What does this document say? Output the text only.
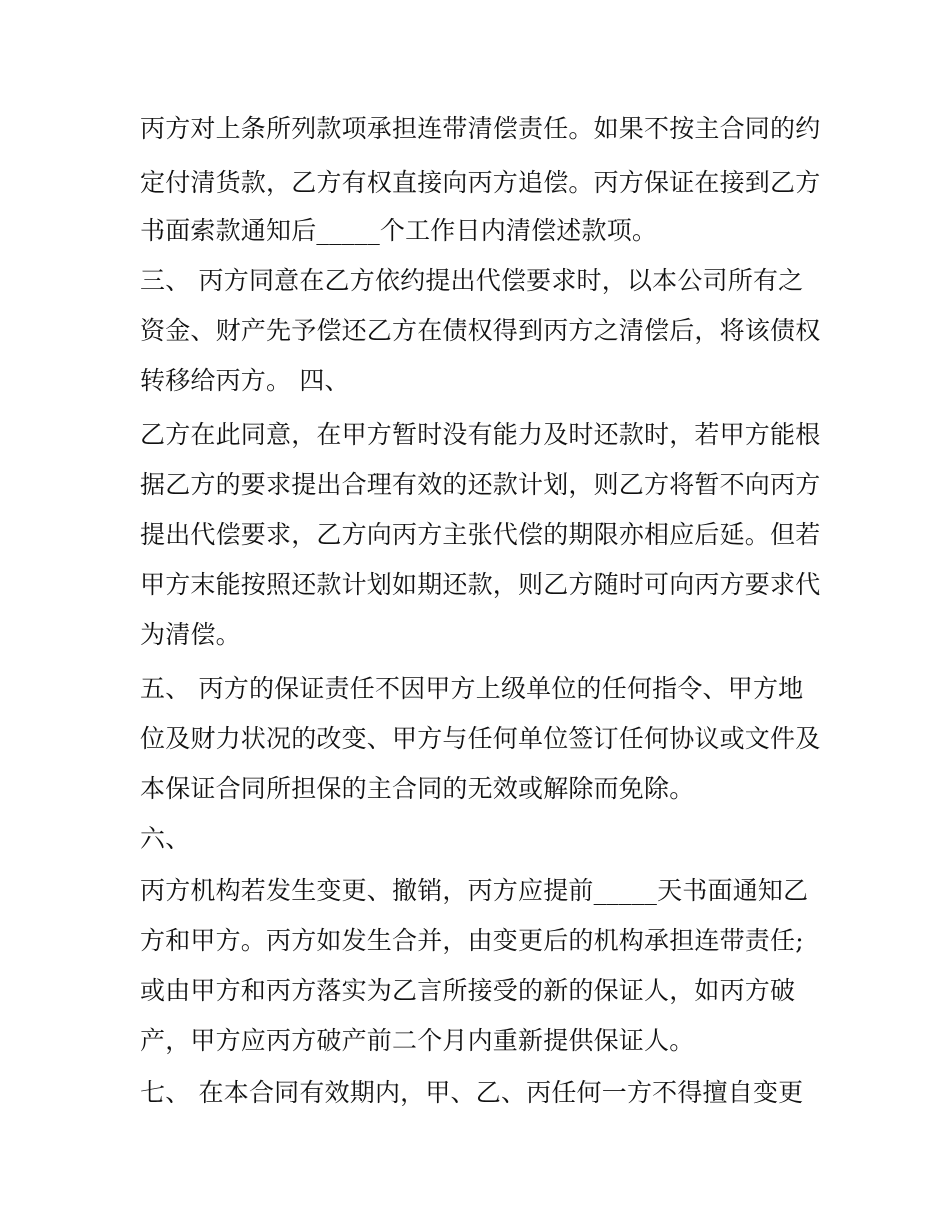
丙方对上条所列款项承担连带清偿责任。如果不按主合同的约
定付清货款，乙方有权直接向丙方追偿。丙方保证在接到乙方
书面索款通知后_____个工作日内清偿述款项。
三、 丙方同意在乙方依约提出代偿要求时，以本公司所有之
资金、财产先予偿还乙方在债权得到丙方之清偿后，将该债权
转移给丙方。 四、
乙方在此同意，在甲方暂时没有能力及时还款时，若甲方能根
据乙方的要求提出合理有效的还款计划，则乙方将暂不向丙方
提出代偿要求，乙方向丙方主张代偿的期限亦相应后延。但若
甲方末能按照还款计划如期还款，则乙方随时可向丙方要求代
为清偿。
五、 丙方的保证责任不因甲方上级单位的任何指令、甲方地
位及财力状况的改变、甲方与任何单位签订任何协议或文件及
本保证合同所担保的主合同的无效或解除而免除。
六、
丙方机构若发生变更、撤销，丙方应提前_____天书面通知乙
方和甲方。丙方如发生合并，由变更后的机构承担连带责任;
或由甲方和丙方落实为乙言所接受的新的保证人，如丙方破
产，甲方应丙方破产前二个月内重新提供保证人。
七、 在本合同有效期内，甲、乙、丙任何一方不得擅自变更
